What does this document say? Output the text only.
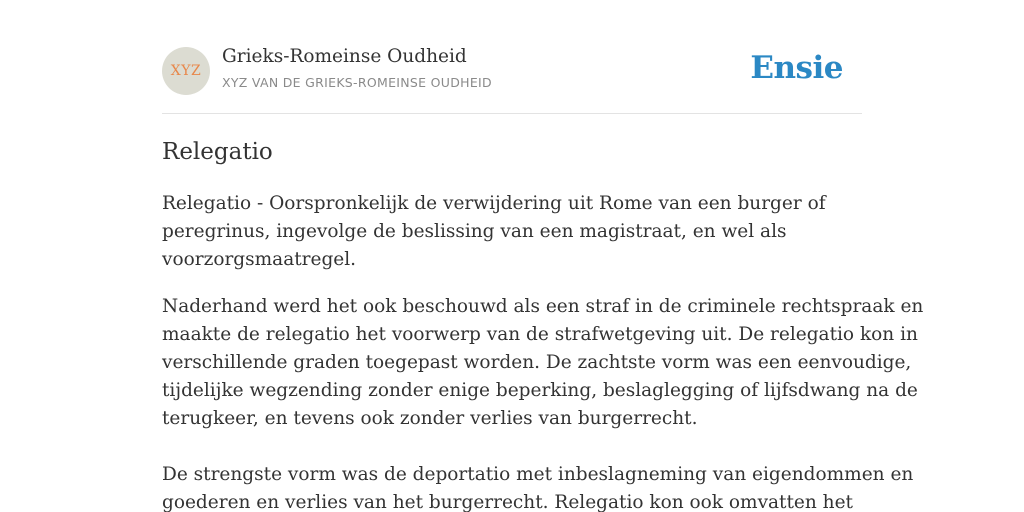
XYZ
Grieks-Romeinse Oudheid
XYZ VAN DE GRIEKS-ROMEINSE OUDHEID	Ensie
Relegatio

Relegatio - Oorspronkelijk de verwijdering uit Rome van een burger of
peregrinus, ingevolge de beslissing van een magistraat, en wel als
voorzorgsmaatregel.

Naderhand werd het ook beschouwd als een straf in de criminele rechtspraak en
maakte de relegatio het voorwerp van de strafwetgeving uit. De relegatio kon in
verschillende graden toegepast worden. De zachtste vorm was een eenvoudige,
tijdelijke wegzending zonder enige beperking, beslaglegging of lijfsdwang na de
terugkeer, en tevens ook zonder verlies van burgerrecht.

De strengste vorm was de deportatio met inbeslagneming van eigendommen en
goederen en verlies van het burgerrecht. Relegatio kon ook omvatten het
